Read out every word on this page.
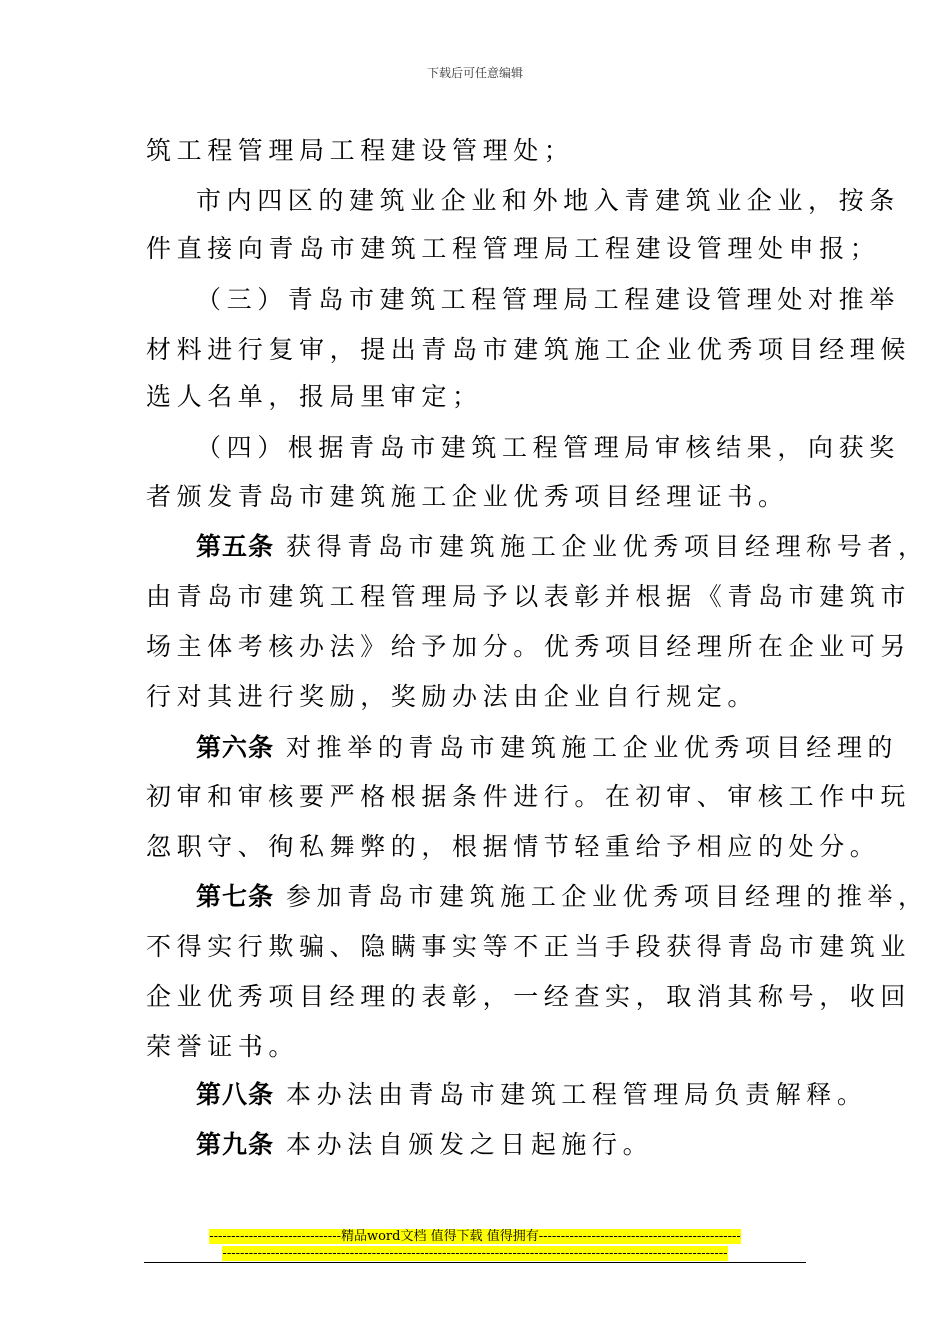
下载后可任意编辑
筑工程管理局工程建设管理处；
市内四区的建筑业企业和外地入青建筑业企业，按条
件直接向青岛市建筑工程管理局工程建设管理处申报；
（三）青岛市建筑工程管理局工程建设管理处对推举
材料进行复审，提出青岛市建筑施工企业优秀项目经理候
选人名单，报局里审定；
（四）根据青岛市建筑工程管理局审核结果，向获奖
者颁发青岛市建筑施工企业优秀项目经理证书。
第五条 获得青岛市建筑施工企业优秀项目经理称号者，
由青岛市建筑工程管理局予以表彰并根据《青岛市建筑市
场主体考核办法》给予加分。优秀项目经理所在企业可另
行对其进行奖励，奖励办法由企业自行规定。
第六条 对推举的青岛市建筑施工企业优秀项目经理的
初审和审核要严格根据条件进行。在初审、审核工作中玩
忽职守、徇私舞弊的，根据情节轻重给予相应的处分。
第七条 参加青岛市建筑施工企业优秀项目经理的推举，
不得实行欺骗、隐瞒事实等不正当手段获得青岛市建筑业
企业优秀项目经理的表彰，一经查实，取消其称号，收回
荣誉证书。
第八条 本办法由青岛市建筑工程管理局负责解释。
第九条 本办法自颁发之日起施行。
------------------------------精品word文档 值得下载 值得拥有----------------------------------------------
-------------------------------------------------------------------------------------------------------------------
